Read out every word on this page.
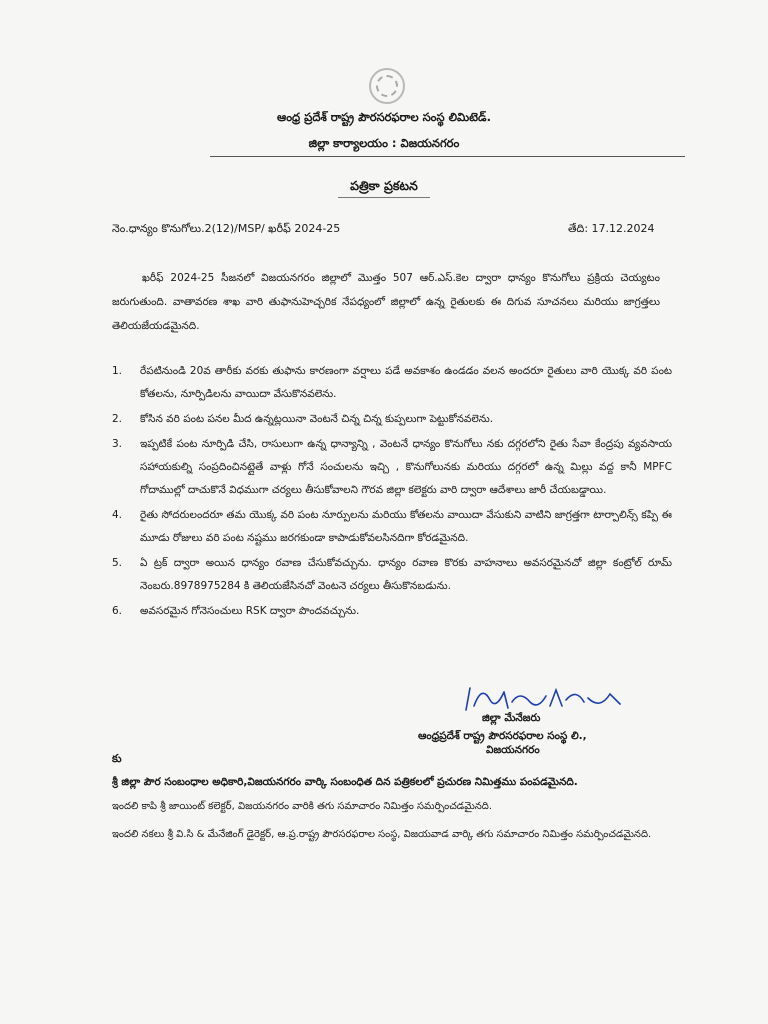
ఆంధ్ర ప్రదేశ్ రాష్ట్ర పౌరసరఫరాల సంస్థ లిమిటెడ్.
జిల్లా కార్యాలయం : విజయనగరం
పత్రికా ప్రకటన
నెం.ధాన్యం కొనుగోలు.2(12)/MSP/ ఖరీఫ్ 2024-25	తేది: 17.12.2024
ఖరీఫ్ 2024-25 సీజనలో విజయనగరం జిల్లాలో మొత్తం 507 ఆర్.ఎస్.కెల ద్వారా ధాన్యం కొనుగోలు ప్రక్రియ చెయ్యటం జరుగుతుంది. వాతావరణ శాఖ వారి తుఫానుహెచ్చరిక నేపధ్యంలో జిల్లాలో ఉన్న రైతులకు ఈ దిగువ సూచనలు మరియు జాగ్రత్తలు తెలియజేయడమైనది.
1.	రేపటినుండి 20వ తారీకు వరకు తుఫాను కారణంగా వర్షాలు పడే అవకాశం ఉండడం వలన అందరూ రైతులు వారి యొక్క వరి పంట కోతలను, నూర్పిడిలను వాయిదా వేసుకొనవలెను.
2.	కోసిన వరి పంట పనల మీద ఉన్నట్లయినా వెంటనే చిన్న చిన్న కుప్పలుగా పెట్టుకోనవలెను.
3.	ఇప్పటికే పంట నూర్పిడి చేసి, రాసులుగా ఉన్న ధాన్యాన్ని , వెంటనే ధాన్యం కొనుగోలు నకు దగ్గరలోని రైతు సేవా కేంద్రపు వ్యవసాయ సహాయకుల్ని సంప్రదించినట్లైతే వాళ్లు గోనే సంచులను ఇచ్చి , కొనుగోలునకు మరియు దగ్గరలో ఉన్న మిల్లు వద్ద కానీ MPFC గోదాముల్లో దాచుకొనే విధముగా చర్యలు తీసుకోవాలని గౌరవ జిల్లా కలెక్టరు వారి ద్వారా ఆదేశాలు జారీ చేయబడ్డాయి.
4.	రైతు సోదరులందరూ తమ యొక్క వరి పంట నూర్పులను మరియు కోతలను వాయిదా వేసుకుని వాటిని జాగ్రత్తగా టార్పాలిన్స్ కప్పి ఈ మూడు రోజులు వరి పంట నష్టము జరగకుండా కాపాడుకోవలసినదిగా కోరడమైనది.
5.	ఏ ట్రక్ ద్వారా అయిన ధాన్యం రవాణ చేసుకోవచ్చును. ధాన్యం రవాణ కొరకు వాహనాలు అవసరమైనచో జిల్లా కంట్రోల్ రూమ్ నెంబరు.8978975284 కి తెలియజేసినచో వెంటనె చర్యలు తీసుకొనబడును.
6.	అవసరమైన గోనెసంచులు RSK ద్వారా పొందవచ్చును.
జిల్లా మేనేజరు
ఆంధ్రప్రదేశ్ రాష్ట్ర పౌరసరఫరాల సంస్థ లి.,
విజయనగరం
కు
శ్రీ జిల్లా పౌర సంబంధాల అధికారి,విజయనగరం వార్కి సంబంధిత దిన పత్రికలలో ప్రచురణ నిమిత్తము పంపడమైనది.
ఇందలి కాపి శ్రీ జాయింట్ కలెక్టర్, విజయనగరం వారికి తగు సమాచారం నిమిత్తం సమర్పించడమైనది.
ఇందలి నకలు శ్రీ వి.సి & మేనేజింగ్ డైరెక్టర్, ఆ.ప్ర.రాష్ట్ర పౌరసరఫరాల సంస్థ, విజయవాడ వార్కి తగు సమాచారం నిమిత్తం సమర్పించడమైనది.
